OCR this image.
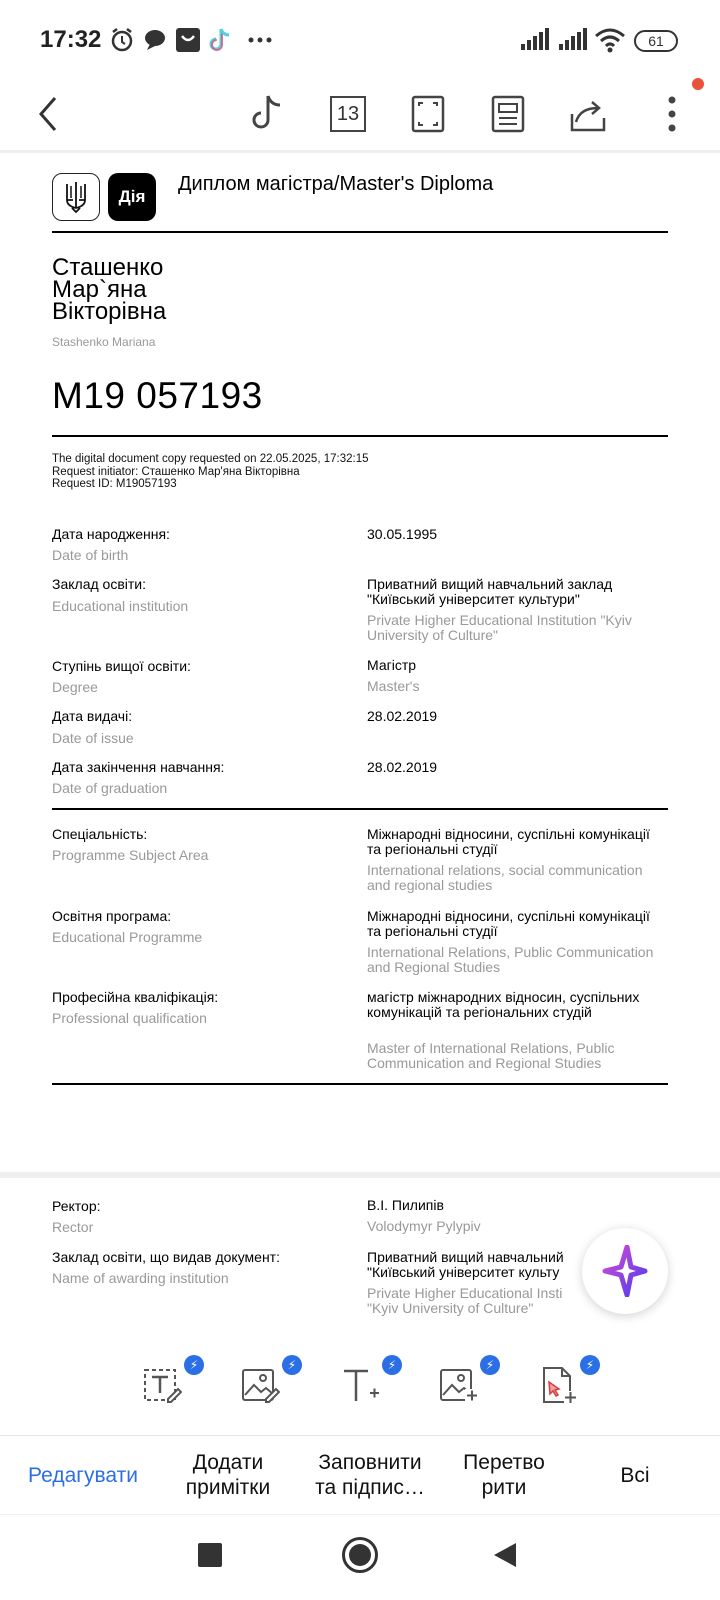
17:32	61
13
Дія
Диплом магістра/Master's Diploma
Сташенко
Мар`яна
Вікторівна
Stashenko Mariana
M19 057193
The digital document copy requested on 22.05.2025, 17:32:15
Request initiator: Сташенко Мар'яна Вікторівна
Request ID: M19057193
Дата народження:
Date of birth
30.05.1995
Заклад освіти:
Educational institution
Приватний вищий навчальний заклад "Київський університет культури"
Private Higher Educational Institution "Kyiv University of Culture"
Ступінь вищої освіти:
Degree
Магістр
Master's
Дата видачі:
Date of issue
28.02.2019
Дата закінчення навчання:
Date of graduation
28.02.2019
Спеціальність:
Programme Subject Area
Міжнародні відносини, суспільні комунікації та регіональні студії
International relations, social communication and regional studies
Освітня програма:
Educational Programme
Міжнародні відносини, суспільні комунікації та регіональні студії
International Relations, Public Communication and Regional Studies
Професійна кваліфікація:
Professional qualification
магістр міжнародних відносин, суспільних комунікацій та регіональних студій
Master of International Relations, Public Communication and Regional Studies
Ректор:
Rector
В.І. Пилипів
Volodymyr Pylypiv
Заклад освіти, що видав документ:
Name of awarding institution
Приватний вищий навчальний "Київський університет культу
Private Higher Educational Insti "Kyiv University of Culture"
⚡	⚡	⚡	⚡	⚡
Редагувати
Додати примітки
Заповнити та підпис…
Перетво рити
Всі
